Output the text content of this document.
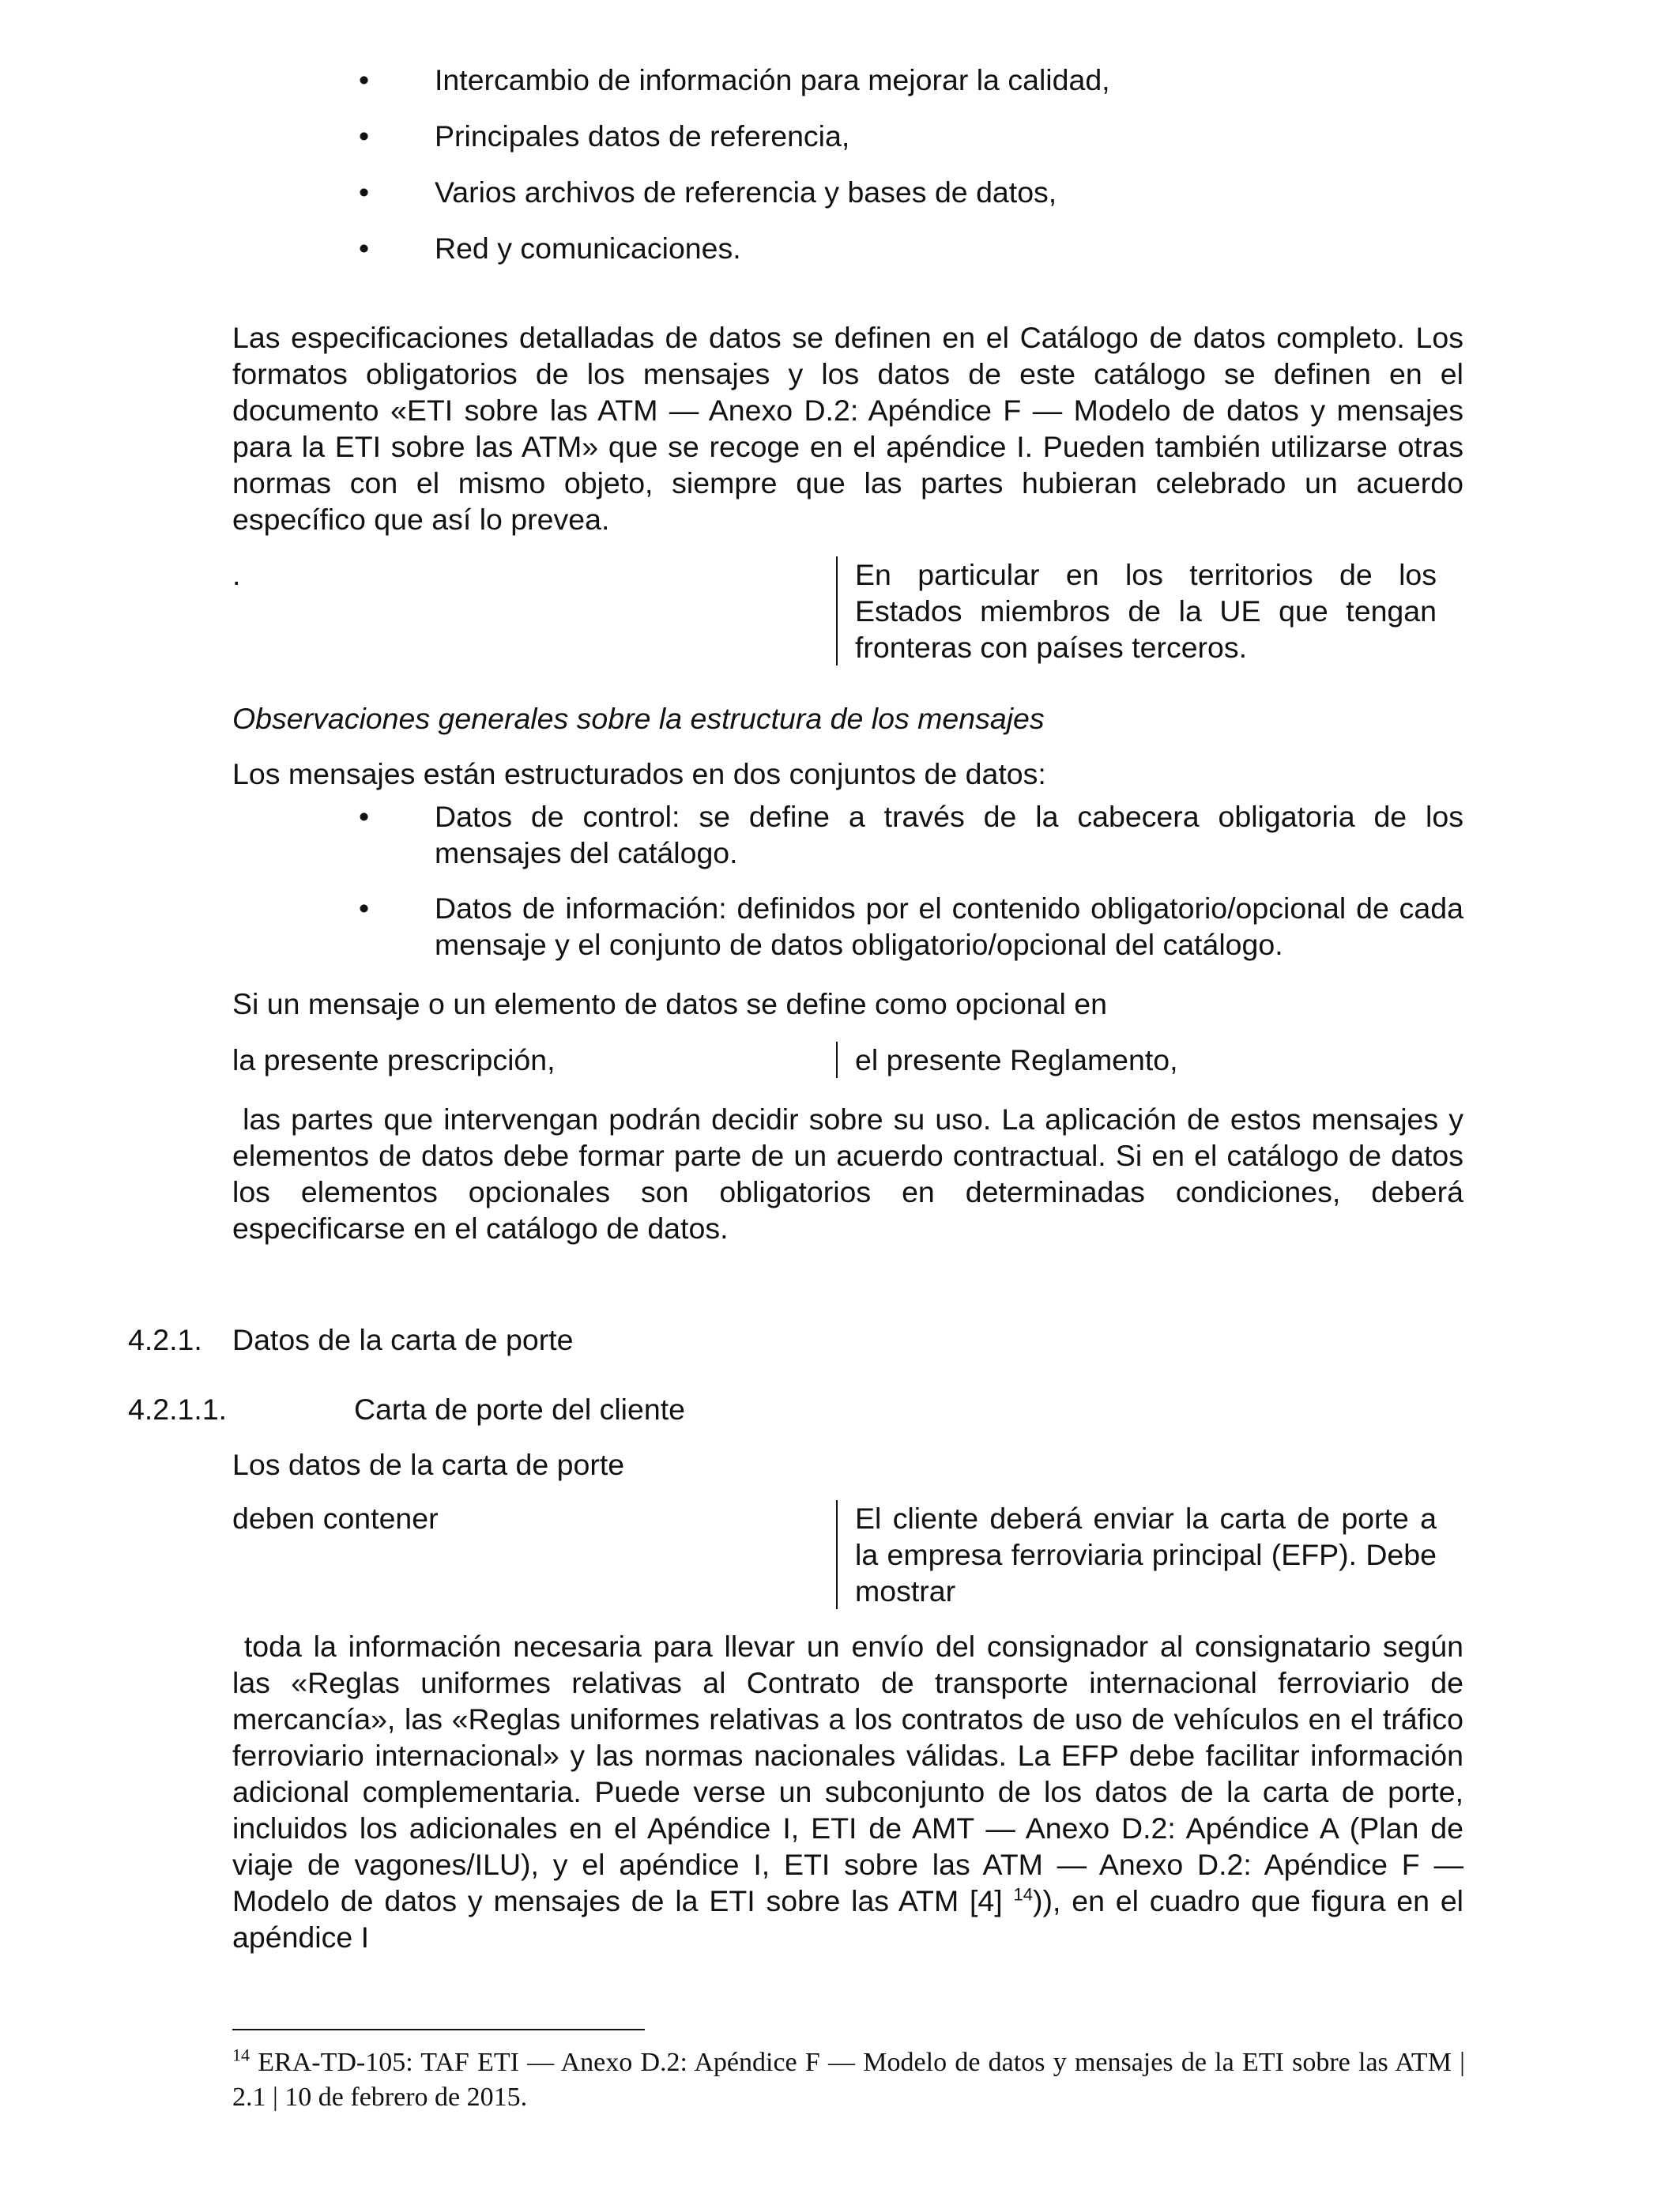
•	Intercambio de información para mejorar la calidad,
•	Principales datos de referencia,
•	Varios archivos de referencia y bases de datos,
•	Red y comunicaciones.
Las especificaciones detalladas de datos se definen en el Catálogo de datos completo. Los formatos obligatorios de los mensajes y los datos de este catálogo se definen en el documento «ETI sobre las ATM — Anexo D.2: Apéndice F — Modelo de datos y mensajes para la ETI sobre las ATM» que se recoge en el apéndice I. Pueden también utilizarse otras normas con el mismo objeto, siempre que las partes hubieran celebrado un acuerdo específico que así lo prevea.
.	En particular en los territorios de los Estados miembros de la UE que tengan fronteras con países terceros.
Observaciones generales sobre la estructura de los mensajes
Los mensajes están estructurados en dos conjuntos de datos:
•	Datos de control: se define a través de la cabecera obligatoria de los mensajes del catálogo.
•	Datos de información: definidos por el contenido obligatorio/opcional de cada mensaje y el conjunto de datos obligatorio/opcional del catálogo.
Si un mensaje o un elemento de datos se define como opcional en
la presente prescripción,	el presente Reglamento,
las partes que intervengan podrán decidir sobre su uso. La aplicación de estos mensajes y elementos de datos debe formar parte de un acuerdo contractual. Si en el catálogo de datos los elementos opcionales son obligatorios en determinadas condiciones, deberá especificarse en el catálogo de datos.
4.2.1. Datos de la carta de porte
4.2.1.1.	Carta de porte del cliente
Los datos de la carta de porte
deben contener	El cliente deberá enviar la carta de porte a la empresa ferroviaria principal (EFP). Debe mostrar
toda la información necesaria para llevar un envío del consignador al consignatario según las «Reglas uniformes relativas al Contrato de transporte internacional ferroviario de mercancía», las «Reglas uniformes relativas a los contratos de uso de vehículos en el tráfico ferroviario internacional» y las normas nacionales válidas. La EFP debe facilitar información adicional complementaria. Puede verse un subconjunto de los datos de la carta de porte, incluidos los adicionales en el Apéndice I, ETI de AMT — Anexo D.2: Apéndice A (Plan de viaje de vagones/ILU), y el apéndice I, ETI sobre las ATM — Anexo D.2: Apéndice F — Modelo de datos y mensajes de la ETI sobre las ATM [4] $^{14}$)), en el cuadro que figura en el apéndice I
$^{14}$ ERA-TD-105: TAF ETI — Anexo D.2: Apéndice F — Modelo de datos y mensajes de la ETI sobre las ATM | 2.1 | 10 de febrero de 2015.
